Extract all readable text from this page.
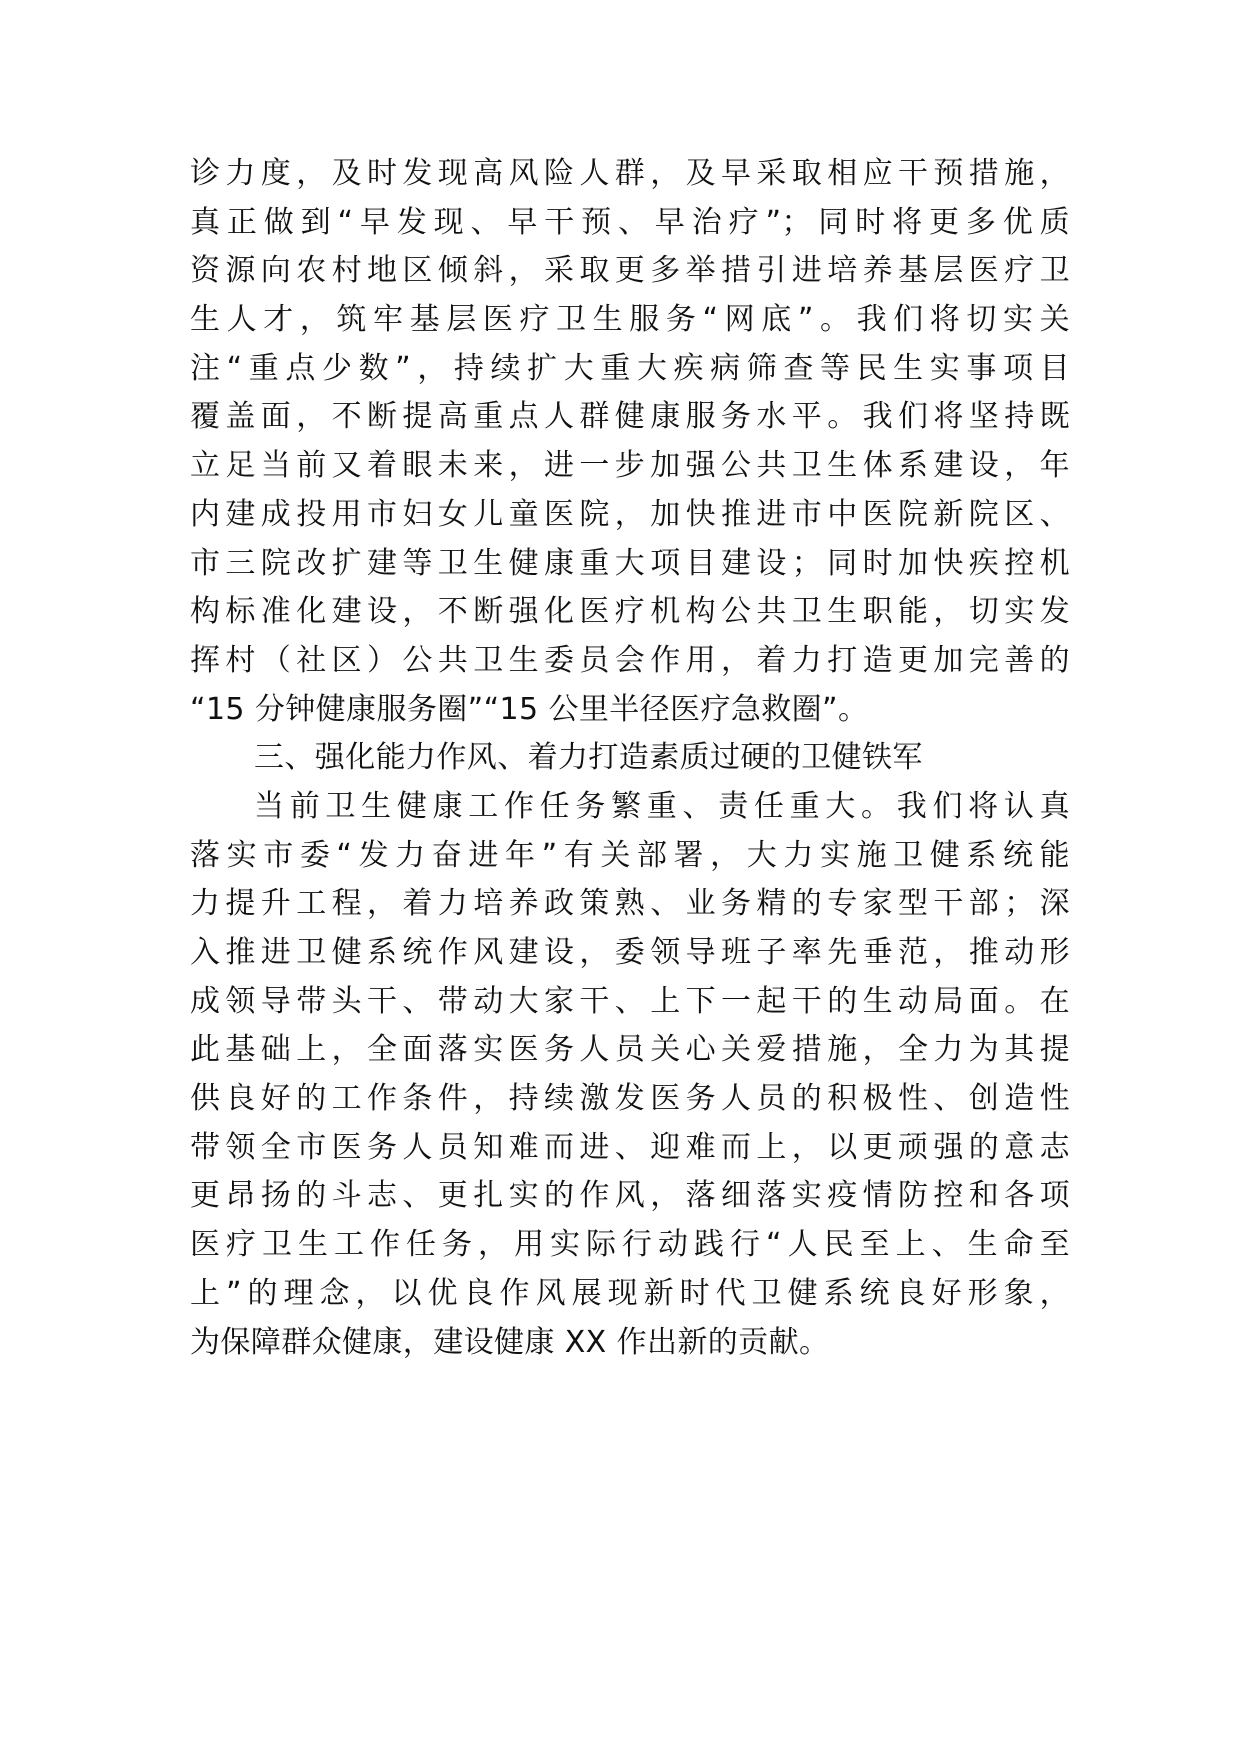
诊力度，及时发现高风险人群，及早采取相应干预措施，
真正做到“早发现、早干预、早治疗”；同时将更多优质
资源向农村地区倾斜，采取更多举措引进培养基层医疗卫
生人才，筑牢基层医疗卫生服务“网底”。我们将切实关
注“重点少数”，持续扩大重大疾病筛查等民生实事项目
覆盖面，不断提高重点人群健康服务水平。我们将坚持既
立足当前又着眼未来，进一步加强公共卫生体系建设，年
内建成投用市妇女儿童医院，加快推进市中医院新院区、
市三院改扩建等卫生健康重大项目建设；同时加快疾控机
构标准化建设，不断强化医疗机构公共卫生职能，切实发
挥村（社区）公共卫生委员会作用，着力打造更加完善的
“15 分钟健康服务圈”“15 公里半径医疗急救圈”。
三、强化能力作风、着力打造素质过硬的卫健铁军
当前卫生健康工作任务繁重、责任重大。我们将认真
落实市委“发力奋进年”有关部署，大力实施卫健系统能
力提升工程，着力培养政策熟、业务精的专家型干部；深
入推进卫健系统作风建设，委领导班子率先垂范，推动形
成领导带头干、带动大家干、上下一起干的生动局面。在
此基础上，全面落实医务人员关心关爱措施，全力为其提
供良好的工作条件，持续激发医务人员的积极性、创造性
带领全市医务人员知难而进、迎难而上，以更顽强的意志
更昂扬的斗志、更扎实的作风，落细落实疫情防控和各项
医疗卫生工作任务，用实际行动践行“人民至上、生命至
上”的理念，以优良作风展现新时代卫健系统良好形象，
为保障群众健康，建设健康 XX 作出新的贡献。
